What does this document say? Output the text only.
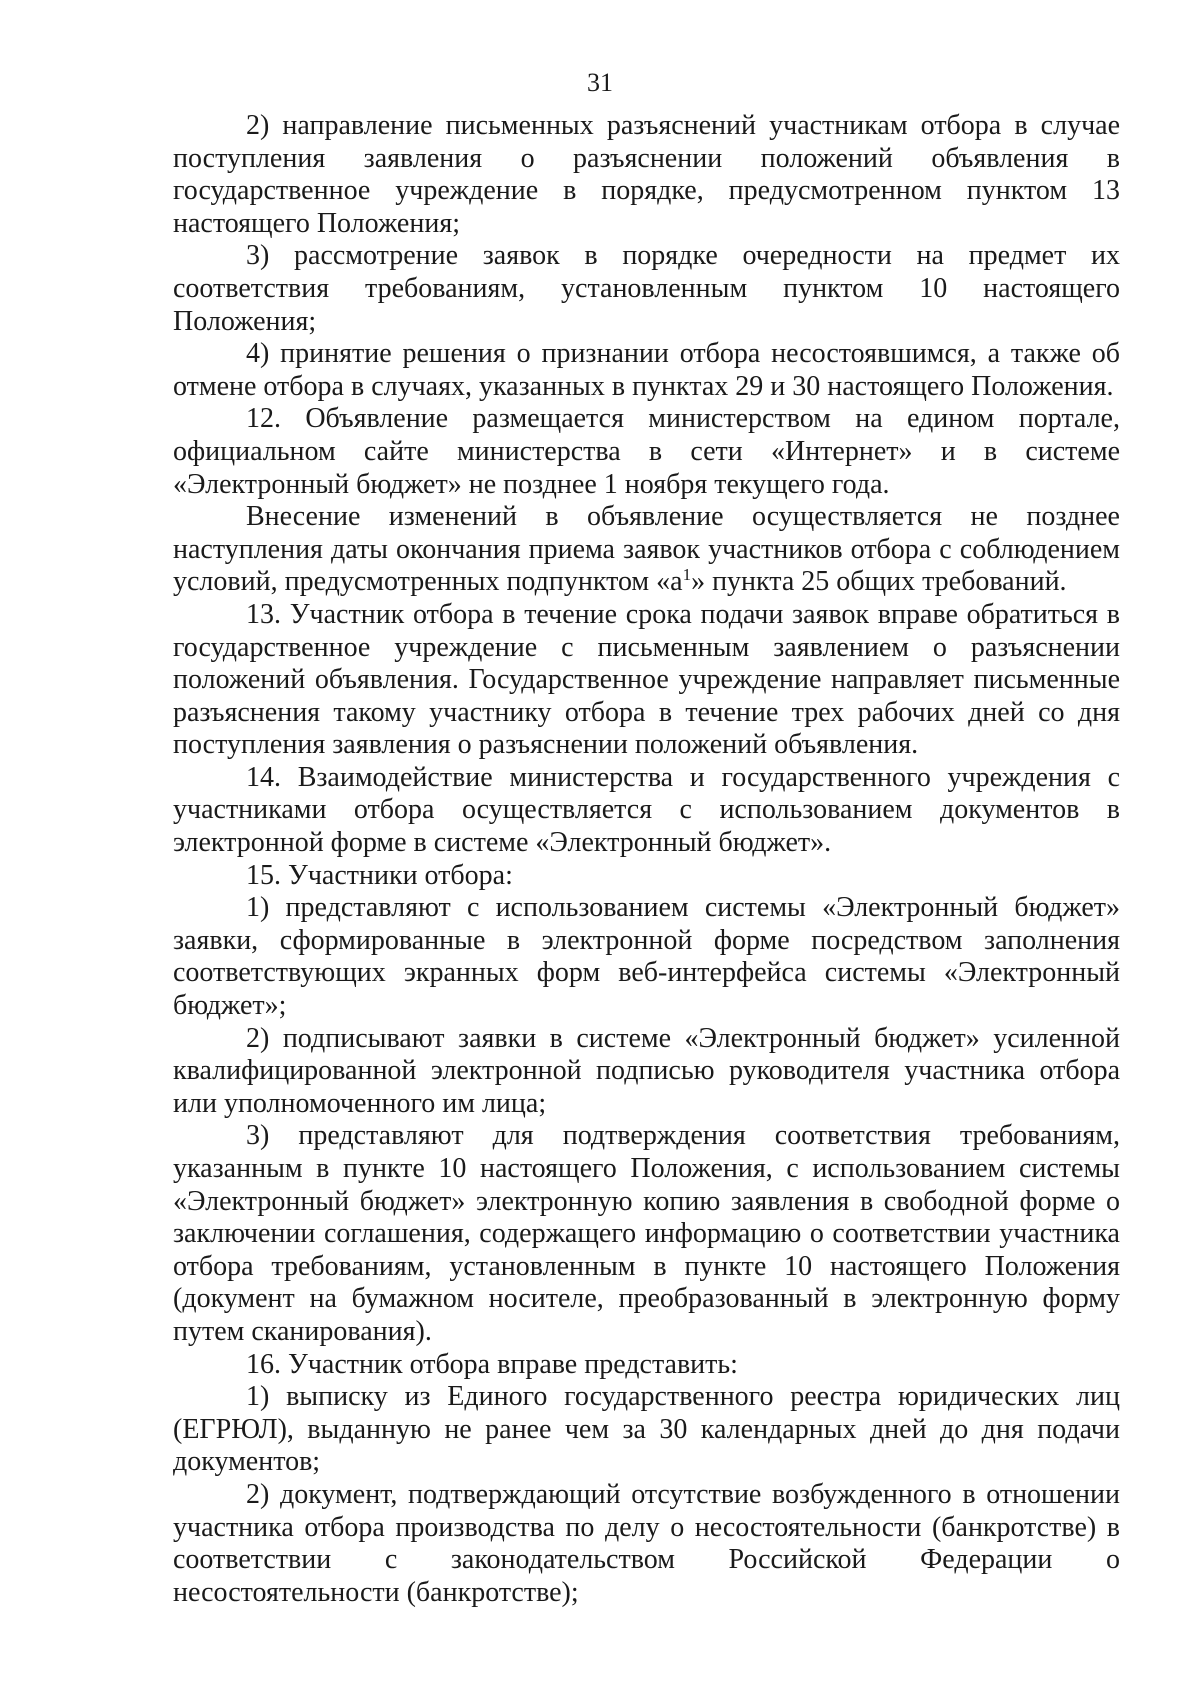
31

2) направление письменных разъяснений участникам отбора в случае поступления заявления о разъяснении положений объявления в государственное учреждение в порядке, предусмотренном пунктом 13 настоящего Положения;

3) рассмотрение заявок в порядке очередности на предмет их соответствия требованиям, установленным пунктом 10 настоящего Положения;

4) принятие решения о признании отбора несостоявшимся, а также об отмене отбора в случаях, указанных в пунктах 29 и 30 настоящего Положения.

12. Объявление размещается министерством на едином портале, официальном сайте министерства в сети «Интернет» и в системе «Электронный бюджет» не позднее 1 ноября текущего года.

Внесение изменений в объявление осуществляется не позднее наступления даты окончания приема заявок участников отбора с соблюдением условий, предусмотренных подпунктом «$а^1$» пункта 25 общих требований.

13. Участник отбора в течение срока подачи заявок вправе обратиться в государственное учреждение с письменным заявлением о разъяснении положений объявления. Государственное учреждение направляет письменные разъяснения такому участнику отбора в течение трех рабочих дней со дня поступления заявления о разъяснении положений объявления.

14. Взаимодействие министерства и государственного учреждения с участниками отбора осуществляется с использованием документов в электронной форме в системе «Электронный бюджет».

15. Участники отбора:

1) представляют с использованием системы «Электронный бюджет» заявки, сформированные в электронной форме посредством заполнения соответствующих экранных форм веб-интерфейса системы «Электронный бюджет»;

2) подписывают заявки в системе «Электронный бюджет» усиленной квалифицированной электронной подписью руководителя участника отбора или уполномоченного им лица;

3) представляют для подтверждения соответствия требованиям, указанным в пункте 10 настоящего Положения, с использованием системы «Электронный бюджет» электронную копию заявления в свободной форме о заключении соглашения, содержащего информацию о соответствии участника отбора требованиям, установленным в пункте 10 настоящего Положения (документ на бумажном носителе, преобразованный в электронную форму путем сканирования).

16. Участник отбора вправе представить:

1) выписку из Единого государственного реестра юридических лиц (ЕГРЮЛ), выданную не ранее чем за 30 календарных дней до дня подачи документов;

2) документ, подтверждающий отсутствие возбужденного в отношении участника отбора производства по делу о несостоятельности (банкротстве) в соответствии с законодательством Российской Федерации о несостоятельности (банкротстве);
